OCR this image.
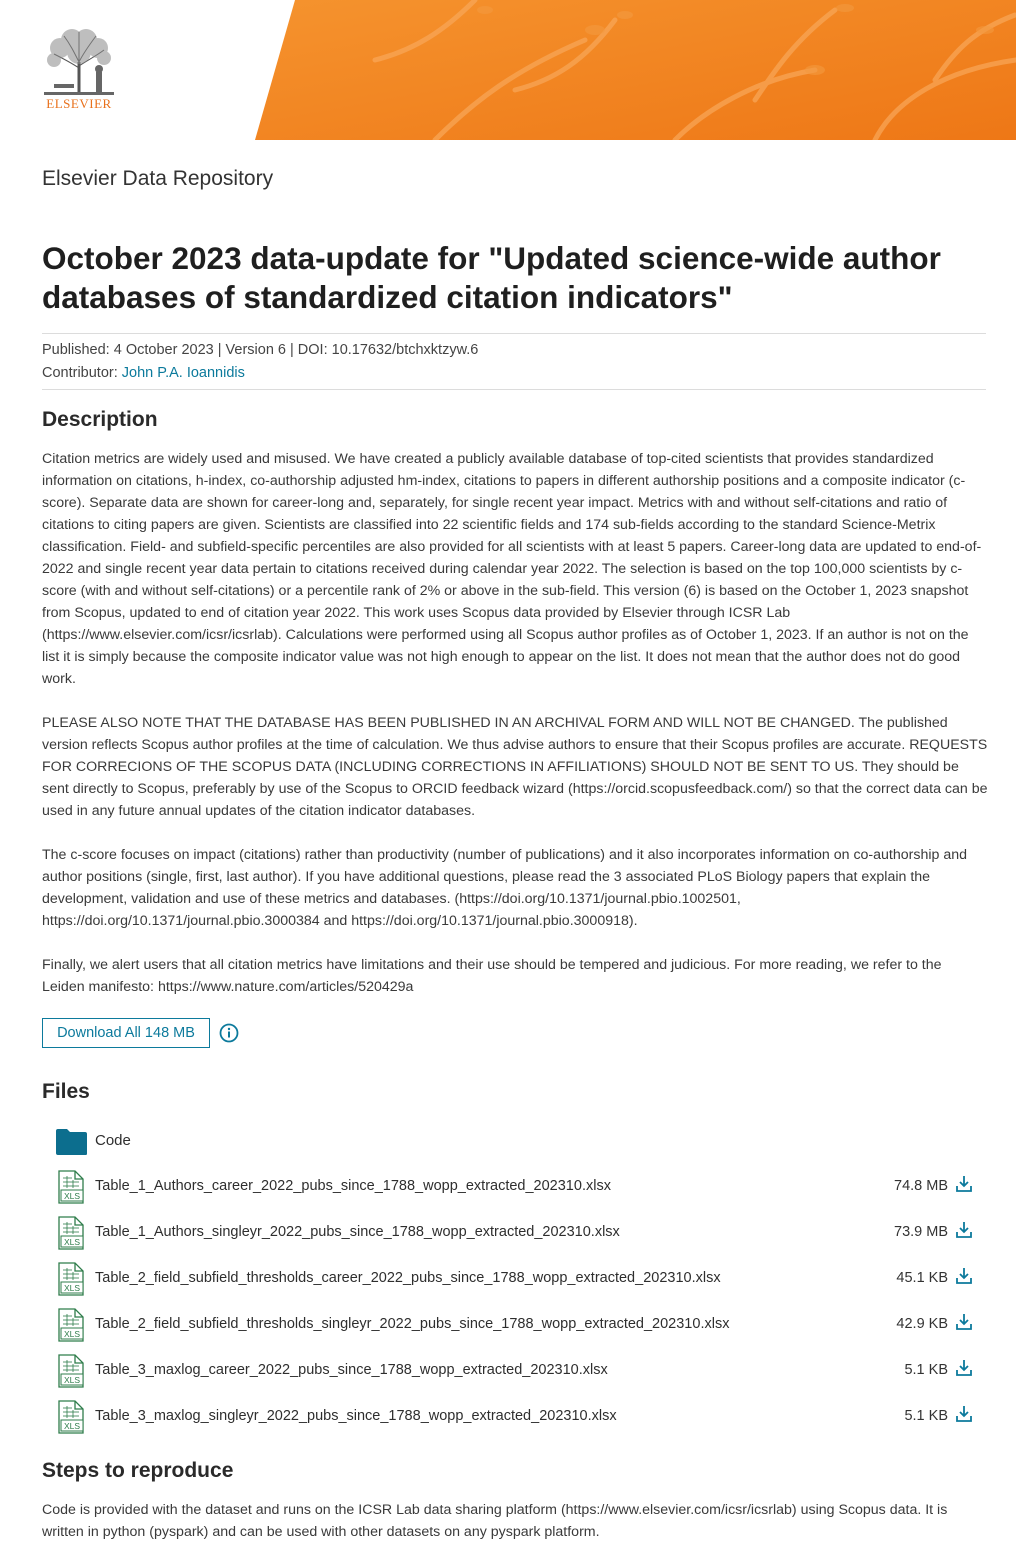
ELSEVIER
Elsevier Data Repository
October 2023 data-update for "Updated science-wide author databases of standardized citation indicators"
Published: 4 October 2023 | Version 6 | DOI: 10.17632/btchxktzyw.6
Contributor: John P.A. Ioannidis
Description

Citation metrics are widely used and misused. We have created a publicly available database of top-cited scientists that provides standardized information on citations, h-index, co-authorship adjusted hm-index, citations to papers in different authorship positions and a composite indicator (c-score). Separate data are shown for career-long and, separately, for single recent year impact. Metrics with and without self-citations and ratio of citations to citing papers are given. Scientists are classified into 22 scientific fields and 174 sub-fields according to the standard Science-Metrix classification. Field- and subfield-specific percentiles are also provided for all scientists with at least 5 papers. Career-long data are updated to end-of-2022 and single recent year data pertain to citations received during calendar year 2022. The selection is based on the top 100,000 scientists by c-score (with and without self-citations) or a percentile rank of 2% or above in the sub-field. This version (6) is based on the October 1, 2023 snapshot from Scopus, updated to end of citation year 2022. This work uses Scopus data provided by Elsevier through ICSR Lab (https://www.elsevier.com/icsr/icsrlab). Calculations were performed using all Scopus author profiles as of October 1, 2023. If an author is not on the list it is simply because the composite indicator value was not high enough to appear on the list. It does not mean that the author does not do good work.

PLEASE ALSO NOTE THAT THE DATABASE HAS BEEN PUBLISHED IN AN ARCHIVAL FORM AND WILL NOT BE CHANGED. The published version reflects Scopus author profiles at the time of calculation. We thus advise authors to ensure that their Scopus profiles are accurate. REQUESTS FOR CORRECIONS OF THE SCOPUS DATA (INCLUDING CORRECTIONS IN AFFILIATIONS) SHOULD NOT BE SENT TO US. They should be sent directly to Scopus, preferably by use of the Scopus to ORCID feedback wizard (https://orcid.scopusfeedback.com/) so that the correct data can be used in any future annual updates of the citation indicator databases.

The c-score focuses on impact (citations) rather than productivity (number of publications) and it also incorporates information on co-authorship and author positions (single, first, last author). If you have additional questions, please read the 3 associated PLoS Biology papers that explain the development, validation and use of these metrics and databases. (https://doi.org/10.1371/journal.pbio.1002501, https://doi.org/10.1371/journal.pbio.3000384 and https://doi.org/10.1371/journal.pbio.3000918).

Finally, we alert users that all citation metrics have limitations and their use should be tempered and judicious. For more reading, we refer to the Leiden manifesto: https://www.nature.com/articles/520429a

Download All 148 MB
Files
Code
XLS
Table_1_Authors_career_2022_pubs_since_1788_wopp_extracted_202310.xlsx	74.8 MB
XLS
Table_1_Authors_singleyr_2022_pubs_since_1788_wopp_extracted_202310.xlsx	73.9 MB
XLS
Table_2_field_subfield_thresholds_career_2022_pubs_since_1788_wopp_extracted_202310.xlsx	45.1 KB
XLS
Table_2_field_subfield_thresholds_singleyr_2022_pubs_since_1788_wopp_extracted_202310.xlsx	42.9 KB
XLS
Table_3_maxlog_career_2022_pubs_since_1788_wopp_extracted_202310.xlsx	5.1 KB
XLS
Table_3_maxlog_singleyr_2022_pubs_since_1788_wopp_extracted_202310.xlsx	5.1 KB
Steps to reproduce

Code is provided with the dataset and runs on the ICSR Lab data sharing platform (https://www.elsevier.com/icsr/icsrlab) using Scopus data. It is written in python (pyspark) and can be used with other datasets on any pyspark platform.
